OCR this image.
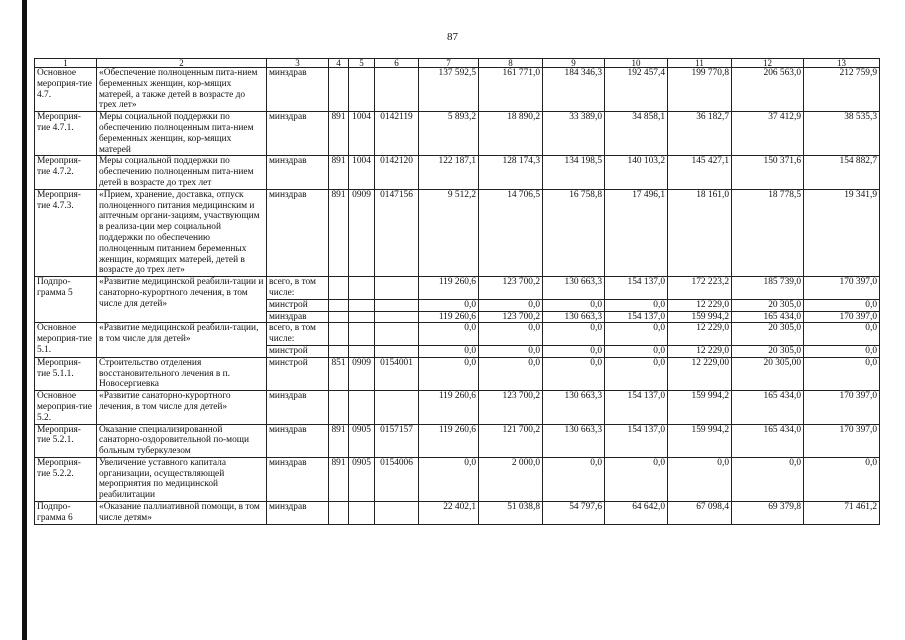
87
1	2	3	4	5	6	7	8	9	10	11	12	13
Основное мероприя-тие 4.7.	«Обеспечение полноценным пита-нием беременных женщин, кор-мящих матерей, а также детей в возрасте до трех лет»	минздрав				137 592,5	161 771,0	184 346,3	192 457,4	199 770,8	206 563,0	212 759,9
Мероприя-тие 4.7.1.	Меры социальной поддержки по обеспечению полноценным пита-нием беременных женщин, кор-мящих матерей	минздрав	891	1004	0142119	5 893,2	18 890,2	33 389,0	34 858,1	36 182,7	37 412,9	38 535,3
Мероприя-тие 4.7.2.	Меры социальной поддержки по обеспечению полноценным пита-нием детей в возрасте до трех лет	минздрав	891	1004	0142120	122 187,1	128 174,3	134 198,5	140 103,2	145 427,1	150 371,6	154 882,7
Мероприя-тие 4.7.3.	«Прием, хранение, доставка, отпуск полноценного питания медицинским и аптечным органи-зациям, участвующим в реализа-ции мер социальной поддержки по обеспечению полноценным питанием беременных женщин, кормящих матерей, детей в возрасте до трех лет»	минздрав	891	0909	0147156	9 512,2	14 706,5	16 758,8	17 496,1	18 161,0	18 778,5	19 341,9
Подпро-грамма 5	«Развитие медицинской реабили-тации и санаторно-курортного лечения, в том числе для детей»	всего, в том числе:				119 260,6	123 700,2	130 663,3	154 137,0	172 223,2	185 739,0	170 397,0
		минстрой				0,0	0,0	0,0	0,0	12 229,0	20 305,0	0,0
		минздрав				119 260,6	123 700,2	130 663,3	154 137,0	159 994,2	165 434,0	170 397,0
Основное мероприя-тие 5.1.	«Развитие медицинской реабили-тации, в том числе для детей»	всего, в том числе:				0,0	0,0	0,0	0,0	12 229,0	20 305,0	0,0
		минстрой				0,0	0,0	0,0	0,0	12 229,0	20 305,0	0,0
Мероприя-тие 5.1.1.	Строительство отделения восстановительного лечения в п. Новосергиевка	минстрой	851	0909	0154001	0,0	0,0	0,0	0,0	12 229,00	20 305,00	0,0
Основное мероприя-тие 5.2.	«Развитие санаторно-курортного лечения, в том числе для детей»	минздрав				119 260,6	123 700,2	130 663,3	154 137,0	159 994,2	165 434,0	170 397,0
Мероприя-тие 5.2.1.	Оказание специализированной санаторно-оздоровительной по-мощи больным туберкулезом	минздрав	891	0905	0157157	119 260,6	121 700,2	130 663,3	154 137,0	159 994,2	165 434,0	170 397,0
Мероприя-тие 5.2.2.	Увеличение уставного капитала организации, осуществляющей мероприятия по медицинской реабилитации	минздрав	891	0905	0154006	0,0	2 000,0	0,0	0,0	0,0	0,0	0,0
Подпро-грамма 6	«Оказание паллиативной помощи, в том числе детям»	минздрав				22 402,1	51 038,8	54 797,6	64 642,0	67 098,4	69 379,8	71 461,2
